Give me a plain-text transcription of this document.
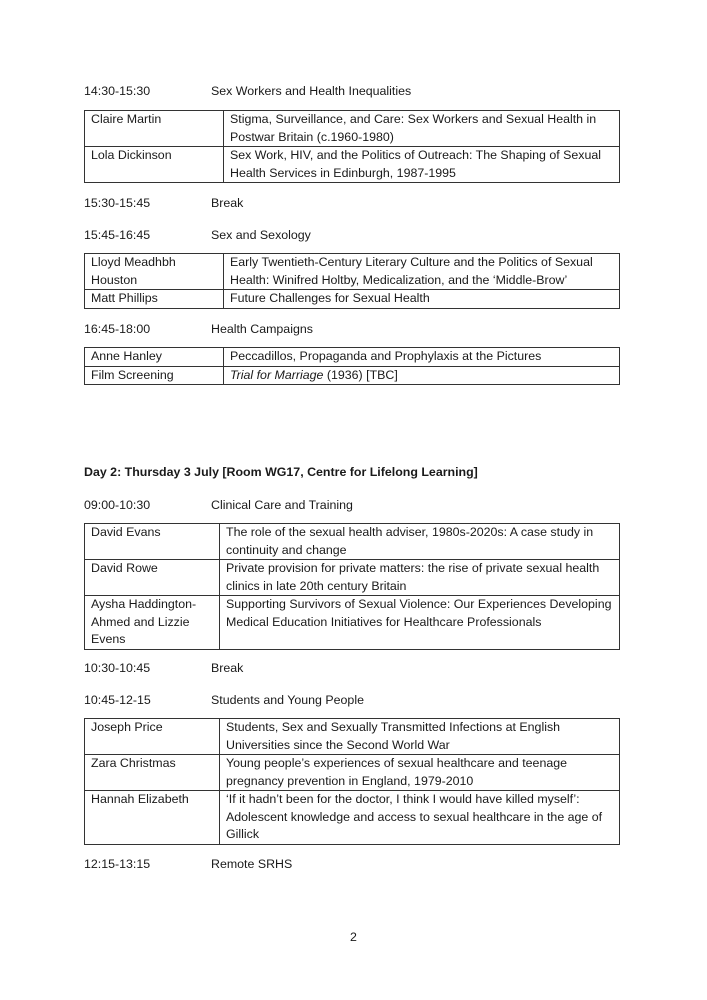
14:30-15:30	Sex Workers and Health Inequalities
Claire Martin	Stigma, Surveillance, and Care: Sex Workers and Sexual Health in Postwar Britain (c.1960-1980)
Lola Dickinson	Sex Work, HIV, and the Politics of Outreach: The Shaping of Sexual Health Services in Edinburgh, 1987-1995
15:30-15:45	Break
15:45-16:45	Sex and Sexology
Lloyd Meadhbh Houston	Early Twentieth-Century Literary Culture and the Politics of Sexual Health: Winifred Holtby, Medicalization, and the ‘Middle-Brow’
Matt Phillips	Future Challenges for Sexual Health
16:45-18:00	Health Campaigns
Anne Hanley	Peccadillos, Propaganda and Prophylaxis at the Pictures
Film Screening	Trial for Marriage (1936) [TBC]
Day 2: Thursday 3 July [Room WG17, Centre for Lifelong Learning]
09:00-10:30	Clinical Care and Training
David Evans	The role of the sexual health adviser, 1980s-2020s: A case study in continuity and change
David Rowe	Private provision for private matters: the rise of private sexual health clinics in late 20th century Britain
Aysha Haddington-Ahmed and Lizzie Evens	Supporting Survivors of Sexual Violence: Our Experiences Developing Medical Education Initiatives for Healthcare Professionals
10:30-10:45	Break
10:45-12-15	Students and Young People
Joseph Price	Students, Sex and Sexually Transmitted Infections at English Universities since the Second World War
Zara Christmas	Young people’s experiences of sexual healthcare and teenage pregnancy prevention in England, 1979-2010
Hannah Elizabeth	‘If it hadn’t been for the doctor, I think I would have killed myself’: Adolescent knowledge and access to sexual healthcare in the age of Gillick
12:15-13:15	Remote SRHS
2
